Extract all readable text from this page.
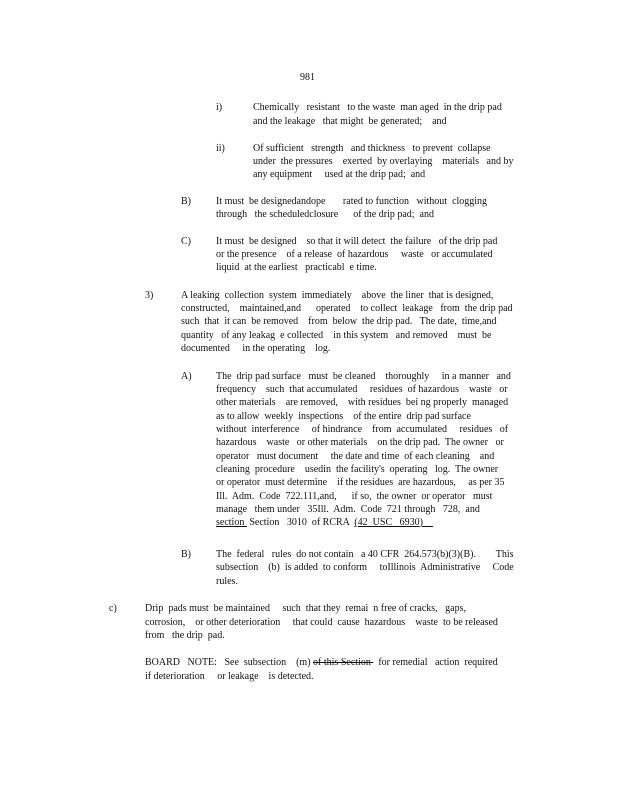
981
i)	Chemically   resistant   to the waste  man aged  in the drip pad
and the leakage   that might  be generated;    and
ii)	Of sufficient   strength   and thickness   to prevent  collapse
under  the pressures    exerted  by overlaying    materials   and by
any equipment     used at the drip pad;  and
B)	It must  be designedandope       rated to function   without  clogging
through   the scheduledclosure      of the drip pad;  and
C)	It must  be designed    so that it will detect  the failure   of the drip pad
or the presence    of a release  of hazardous     waste   or accumulated
liquid  at the earliest   practicabl  e time.
3)	A leaking  collection  system  immediately    above  the liner  that is designed,
constructed,    maintained,and      operated    to collect  leakage   from  the drip pad
such  that  it can  be removed    from  below  the drip pad.   The date,  time,and
quantity   of any leakag  e collected    in this system   and removed    must  be
documented     in the operating    log.
A) The  drip pad surface   must  be cleaned    thoroughly     in a manner   and
frequency    such  that accumulated     residues  of hazardous    waste   or
other materials    are removed,    with residues  bei ng properly  managed
as to allow  weekly  inspections    of the entire  drip pad surface
without  interference     of hindrance    from  accumulated     residues   of
hazardous    waste   or other materials    on the drip pad.  The owner   or
operator   must document     the date and time  of each cleaning    and
cleaning  procedure    usedin  the facility's  operating   log.  The owner
or operator  must determine    if the residues  are hazardous,     as per 35
Ill.  Adm.  Code  722.111,and,      if so,  the owner  or operator   must
manage   them under   35Ill.  Adm.  Code  721 through   728,  and
section  Section   3010  of RCRA  (42  USC   6930)
B)	The  federal   rules  do not contain   a 40 CFR  264.573(b)(3)(B).        This
subsection    (b)  is added  to conform     toIllinois  Administrative     Code
rules.
c)	Drip  pads must  be maintained     such  that they  remai  n free of cracks,   gaps,
corrosion,    or other deterioration     that could  cause  hazardous    waste  to be released
from   the drip  pad.
BOARD   NOTE:   See  subsection    (m) of this Section   for remedial   action  required
if deterioration     or leakage    is detected.
